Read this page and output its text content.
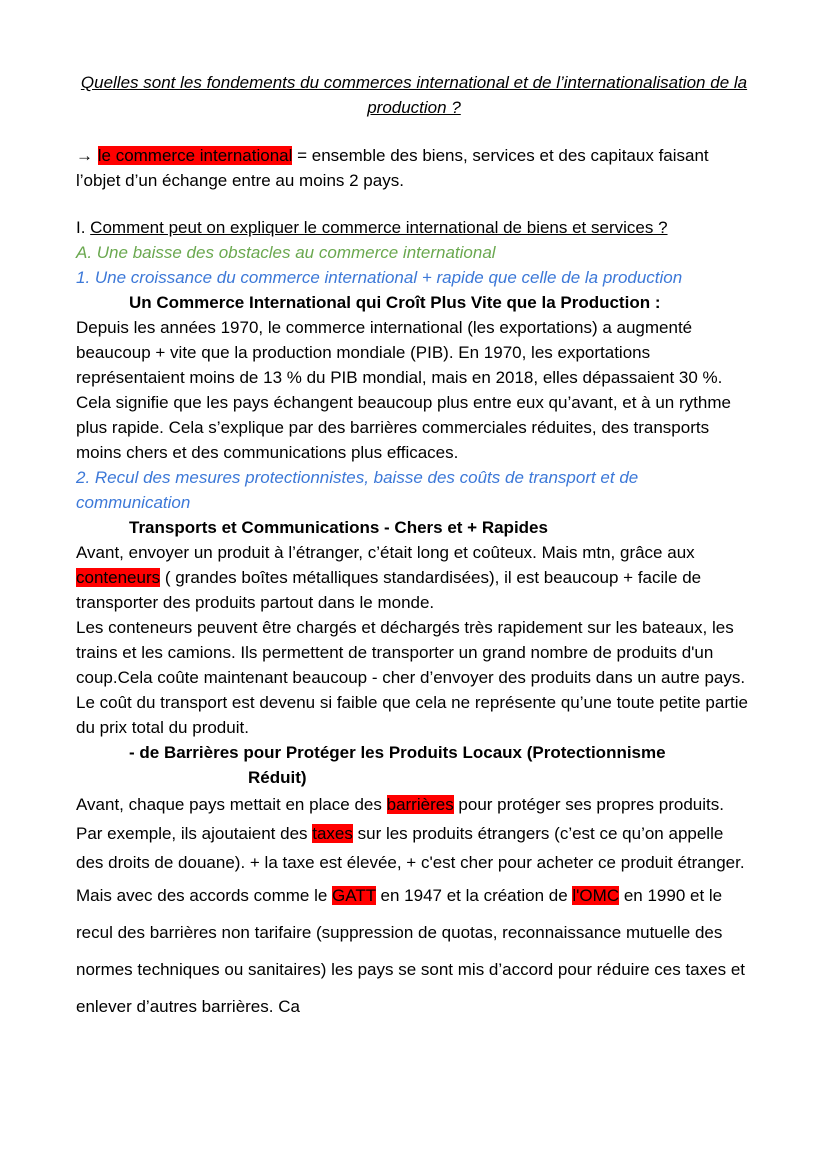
Quelles sont les fondements du commerces international et de l’internationalisation de la production ?

→ le commerce international = ensemble des biens, services et des capitaux faisant l’objet d’un échange entre au moins 2 pays.

I. Comment peut on expliquer le commerce international de biens et services ?

A. Une baisse des obstacles au commerce international

1. Une croissance du commerce international + rapide que celle de la production

Un Commerce International qui Croît Plus Vite que la Production :

Depuis les années 1970, le commerce international (les exportations) a augmenté beaucoup + vite que la production mondiale (PIB). En 1970, les exportations représentaient moins de 13 % du PIB mondial, mais en 2018, elles dépassaient 30 %. Cela signifie que les pays échangent beaucoup plus entre eux qu’avant, et à un rythme plus rapide. Cela s’explique par des barrières commerciales réduites, des transports moins chers et des communications plus efficaces.

2. Recul des mesures protectionnistes, baisse des coûts de transport et de communication

Transports et Communications - Chers et + Rapides

Avant, envoyer un produit à l’étranger, c’était long et coûteux. Mais mtn, grâce aux conteneurs ( grandes boîtes métalliques standardisées), il est beaucoup + facile de transporter des produits partout dans le monde.

Les conteneurs peuvent être chargés et déchargés très rapidement sur les bateaux, les trains et les camions. Ils permettent de transporter un grand nombre de produits d'un coup.Cela coûte maintenant beaucoup - cher d’envoyer des produits dans un autre pays. Le coût du transport est devenu si faible que cela ne représente qu’une toute petite partie du prix total du produit.

- de Barrières pour Protéger les Produits Locaux (Protectionnisme
Réduit)

Avant, chaque pays mettait en place des barrières pour protéger ses propres produits. Par exemple, ils ajoutaient des taxes sur les produits étrangers (c’est ce qu’on appelle des droits de douane). + la taxe est élevée, + c'est cher pour acheter ce produit étranger.

Mais avec des accords comme le GATT en 1947 et la création de l'OMC en 1990 et le recul des barrières non tarifaire (suppression de quotas, reconnaissance mutuelle des normes techniques ou sanitaires) les pays se sont mis d’accord pour réduire ces taxes et enlever d’autres barrières. Ca
